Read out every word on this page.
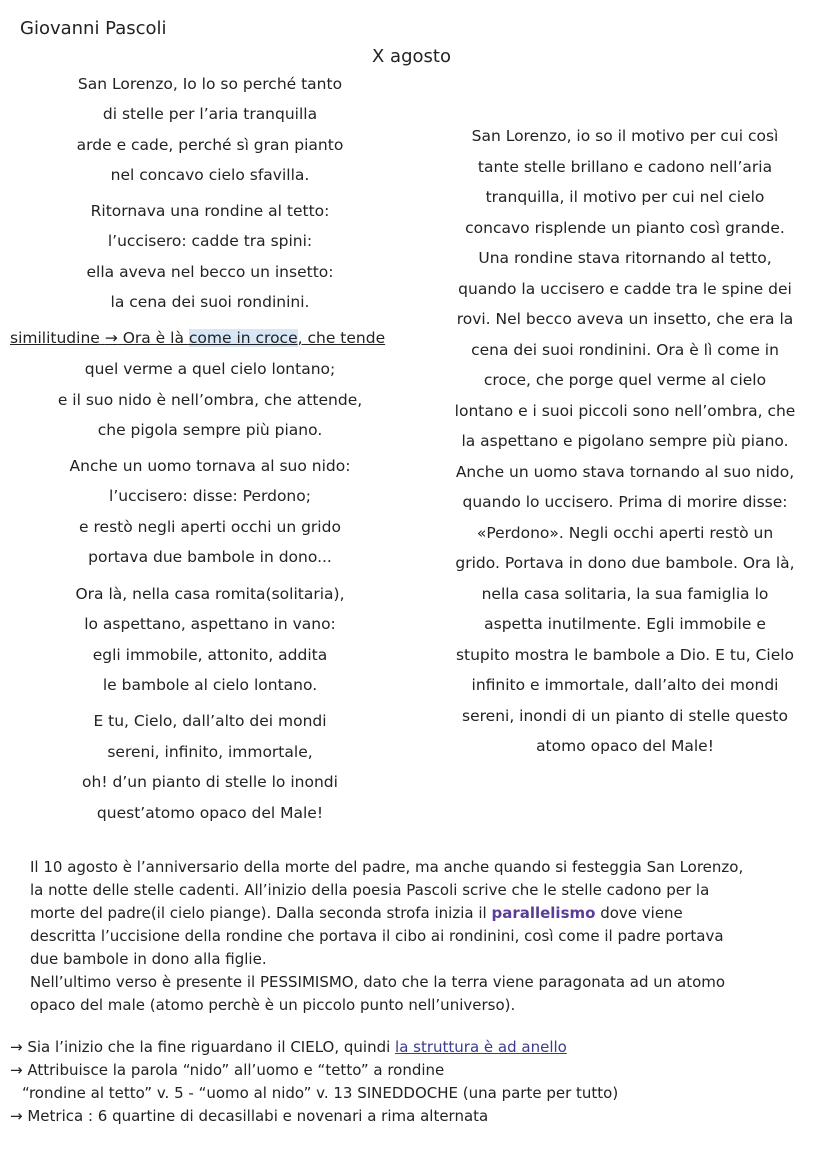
Giovanni Pascoli
X agosto
San Lorenzo, Io lo so perché tanto
di stelle per l’aria tranquilla
arde e cade, perché sì gran pianto
nel concavo cielo sfavilla.
Ritornava una rondine al tetto:
l’uccisero: cadde tra spini:
ella aveva nel becco un insetto:
la cena dei suoi rondinini.
similitudine → Ora è là come in croce, che tende
quel verme a quel cielo lontano;
e il suo nido è nell’ombra, che attende,
che pigola sempre più piano.
Anche un uomo tornava al suo nido:
l’uccisero: disse: Perdono;
e restò negli aperti occhi un grido
portava due bambole in dono...
Ora là, nella casa romita(solitaria),
lo aspettano, aspettano in vano:
egli immobile, attonito, addita
le bambole al cielo lontano.
E tu, Cielo, dall’alto dei mondi
sereni, infinito, immortale,
oh! d’un pianto di stelle lo inondi
quest’atomo opaco del Male!
San Lorenzo, io so il motivo per cui così
tante stelle brillano e cadono nell’aria
tranquilla, il motivo per cui nel cielo
concavo risplende un pianto così grande.
Una rondine stava ritornando al tetto,
quando la uccisero e cadde tra le spine dei
rovi. Nel becco aveva un insetto, che era la
cena dei suoi rondinini. Ora è lì come in
croce, che porge quel verme al cielo
lontano e i suoi piccoli sono nell’ombra, che
la aspettano e pigolano sempre più piano.
Anche un uomo stava tornando al suo nido,
quando lo uccisero. Prima di morire disse:
«Perdono». Negli occhi aperti restò un
grido. Portava in dono due bambole. Ora là,
nella casa solitaria, la sua famiglia lo
aspetta inutilmente. Egli immobile e
stupito mostra le bambole a Dio. E tu, Cielo
infinito e immortale, dall’alto dei mondi
sereni, inondi di un pianto di stelle questo
atomo opaco del Male!

Il 10 agosto è l’anniversario della morte del padre, ma anche quando si festeggia San Lorenzo,

la notte delle stelle cadenti. All’inizio della poesia Pascoli scrive che le stelle cadono per la

morte del padre(il cielo piange). Dalla seconda strofa inizia il parallelismo dove viene

descritta l’uccisione della rondine che portava il cibo ai rondinini, così come il padre portava

due bambole in dono alla figlie.

Nell’ultimo verso è presente il PESSIMISMO, dato che la terra viene paragonata ad un atomo

opaco del male (atomo perchè è un piccolo punto nell’universo).

→ Sia l’inizio che la fine riguardano il CIELO, quindi la struttura è ad anello
→ Attribuisce la parola “nido” all’uomo e “tetto” a rondine
“rondine al tetto” v. 5 - “uomo al nido” v. 13 SINEDDOCHE (una parte per tutto)
→ Metrica : 6 quartine di decasillabi e novenari a rima alternata
